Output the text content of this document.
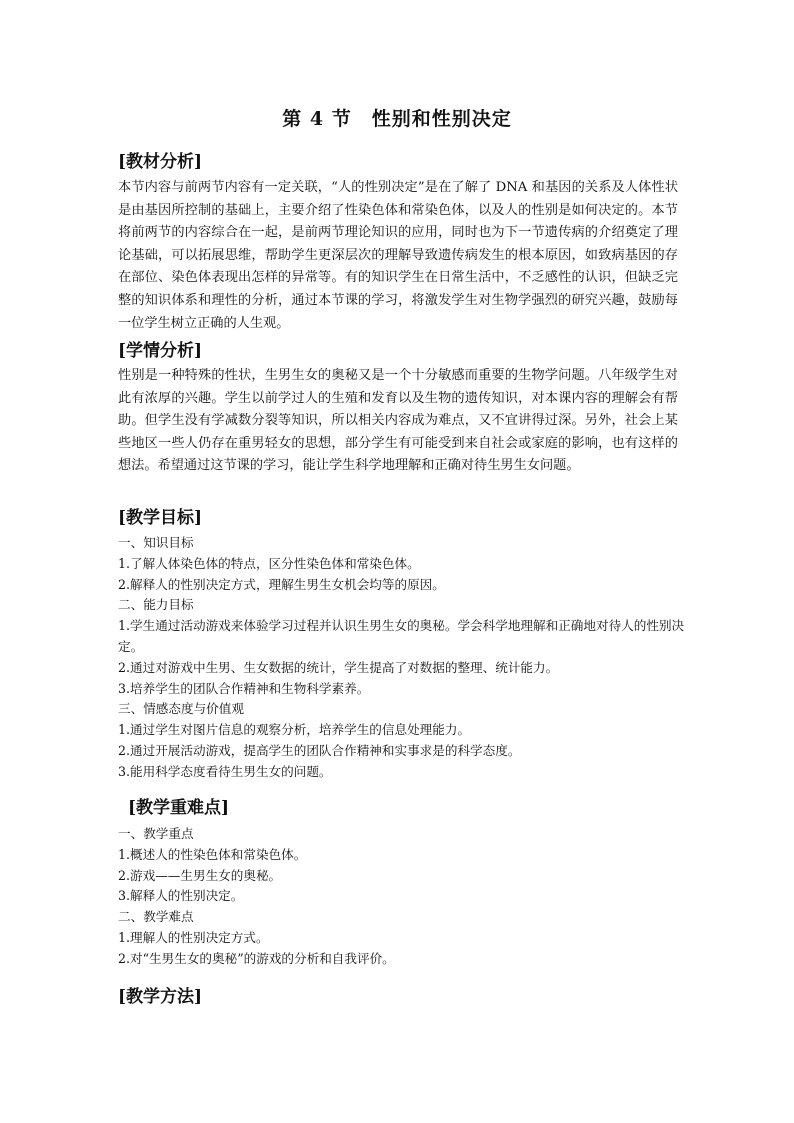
第 4 节　性别和性别决定
[教材分析]

本节内容与前两节内容有一定关联，“人的性别决定”是在了解了 DNA 和基因的关系及人体性状是由基因所控制的基础上，主要介绍了性染色体和常染色体，以及人的性别是如何决定的。本节将前两节的内容综合在一起，是前两节理论知识的应用，同时也为下一节遗传病的介绍奠定了理论基础，可以拓展思维，帮助学生更深层次的理解导致遗传病发生的根本原因，如致病基因的存在部位、染色体表现出怎样的异常等。有的知识学生在日常生活中，不乏感性的认识，但缺乏完整的知识体系和理性的分析，通过本节课的学习，将激发学生对生物学强烈的研究兴趣，鼓励每一位学生树立正确的人生观。

[学情分析]

性别是一种特殊的性状，生男生女的奥秘又是一个十分敏感而重要的生物学问题。八年级学生对此有浓厚的兴趣。学生以前学过人的生殖和发育以及生物的遗传知识，对本课内容的理解会有帮助。但学生没有学减数分裂等知识，所以相关内容成为难点，又不宜讲得过深。另外，社会上某些地区一些人仍存在重男轻女的思想，部分学生有可能受到来自社会或家庭的影响，也有这样的想法。希望通过这节课的学习，能让学生科学地理解和正确对待生男生女问题。

[教学目标]
一、知识目标
1.了解人体染色体的特点，区分性染色体和常染色体。
2.解释人的性别决定方式，理解生男生女机会均等的原因。
二、能力目标
1.学生通过活动游戏来体验学习过程并认识生男生女的奥秘。学会科学地理解和正确地对待人的性别决定。
2.通过对游戏中生男、生女数据的统计，学生提高了对数据的整理、统计能力。
3.培养学生的团队合作精神和生物科学素养。
三、情感态度与价值观
1.通过学生对图片信息的观察分析，培养学生的信息处理能力。
2.通过开展活动游戏，提高学生的团队合作精神和实事求是的科学态度。
3.能用科学态度看待生男生女的问题。
[教学重难点]
一、教学重点
1.概述人的性染色体和常染色体。
2.游戏——生男生女的奥秘。
3.解释人的性别决定。
二、教学难点
1.理解人的性别决定方式。
2.对“生男生女的奥秘”的游戏的分析和自我评价。
[教学方法]
